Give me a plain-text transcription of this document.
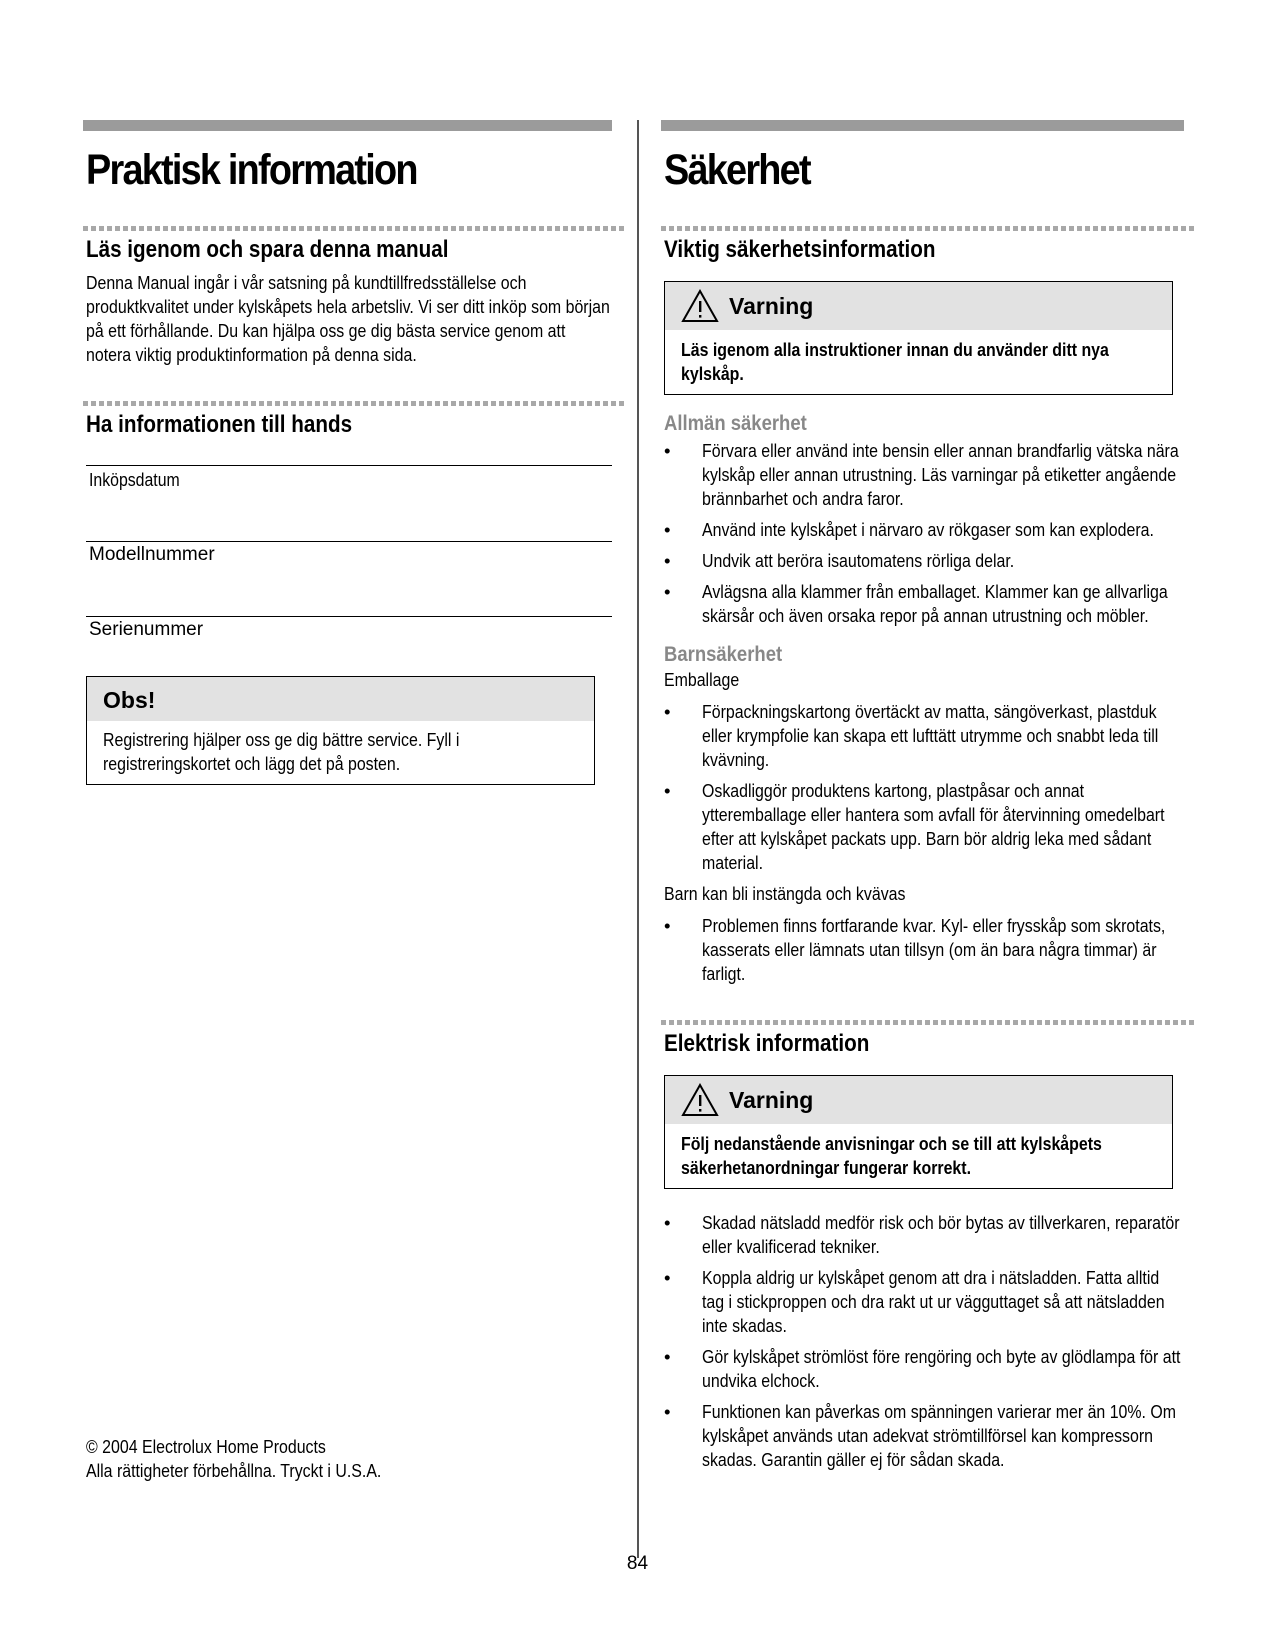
Praktisk information
Läs igenom och spara denna manual
Denna Manual ingår i vår satsning på kundtillfredsställelse och produktkvalitet under kylskåpets hela arbetsliv. Vi ser ditt inköp som början på ett förhållande. Du kan hjälpa oss ge dig bästa service genom att notera viktig produktinformation på denna sida.
Ha informationen till hands
Inköpsdatum
Modellnummer
Serienummer
Obs!
Registrering hjälper oss ge dig bättre service. Fyll i registreringskortet och lägg det på posten.
© 2004 Electrolux Home Products
Alla rättigheter förbehållna. Tryckt i U.S.A.
Säkerhet
Viktig säkerhetsinformation
Varning
Läs igenom alla instruktioner innan du använder ditt nya kylskåp.
Allmän säkerhet
• Förvara eller använd inte bensin eller annan brandfarlig vätska nära kylskåp eller annan utrustning. Läs varningar på etiketter angående brännbarhet och andra faror.
• Använd inte kylskåpet i närvaro av rökgaser som kan explodera.
• Undvik att beröra isautomatens rörliga delar.
• Avlägsna alla klammer från emballaget. Klammer kan ge allvarliga skärsår och även orsaka repor på annan utrustning och möbler.
Barnsäkerhet
Emballage
• Förpackningskartong övertäckt av matta, sängöverkast, plastduk eller krympfolie kan skapa ett lufttätt utrymme och snabbt leda till kvävning.
• Oskadliggör produktens kartong, plastpåsar och annat ytteremballage eller hantera som avfall för återvinning omedelbart efter att kylskåpet packats upp. Barn bör aldrig leka med sådant material.
Barn kan bli instängda och kvävas
• Problemen finns fortfarande kvar. Kyl- eller frysskåp som skrotats, kasserats eller lämnats utan tillsyn (om än bara några timmar) är farligt.
Elektrisk information
Varning
Följ nedanstående anvisningar och se till att kylskåpets säkerhetanordningar fungerar korrekt.
• Skadad nätsladd medför risk och bör bytas av tillverkaren, reparatör eller kvalificerad tekniker.
• Koppla aldrig ur kylskåpet genom att dra i nätsladden. Fatta alltid tag i stickproppen och dra rakt ut ur vägguttaget så att nätsladden inte skadas.
• Gör kylskåpet strömlöst före rengöring och byte av glödlampa för att undvika elchock.
• Funktionen kan påverkas om spänningen varierar mer än 10%. Om kylskåpet används utan adekvat strömtillförsel kan kompressorn skadas. Garantin gäller ej för sådan skada.
84
